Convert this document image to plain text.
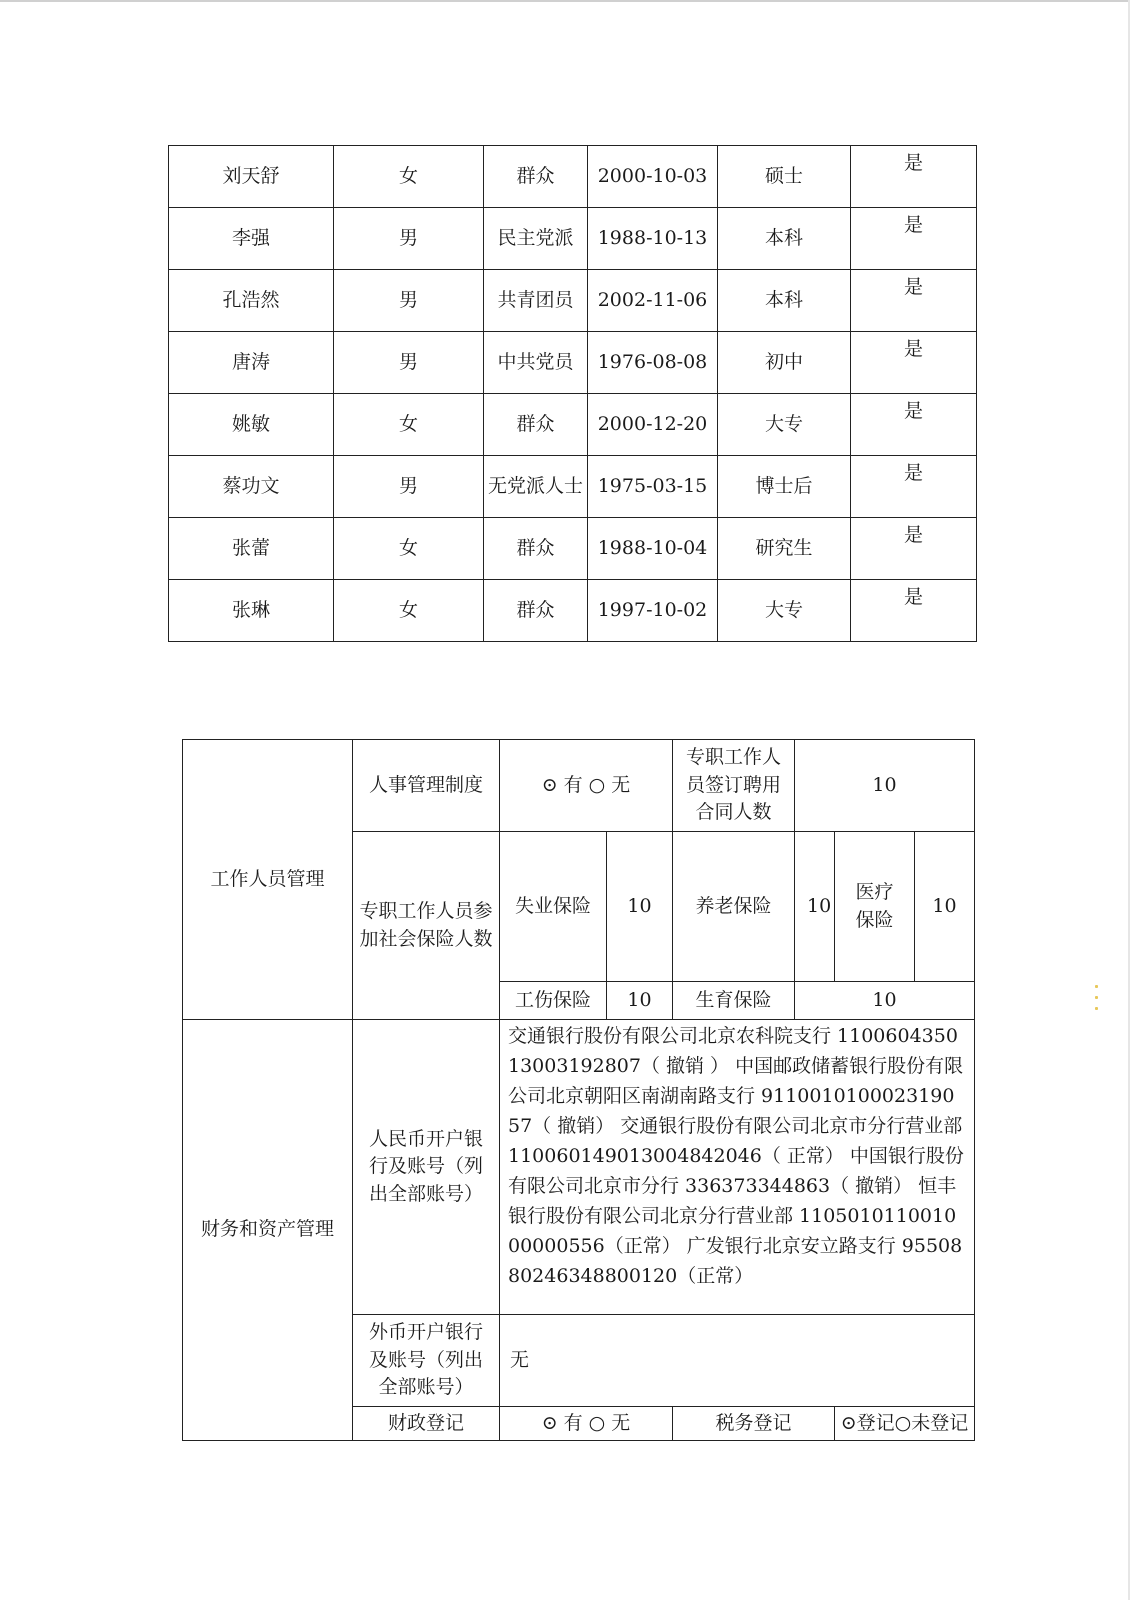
刘天舒	女	群众	2000-10-03	硕士	是
李强	男	民主党派	1988-10-13	本科	是
孔浩然	男	共青团员	2002-11-06	本科	是
唐涛	男	中共党员	1976-08-08	初中	是
姚敏	女	群众	2000-12-20	大专	是
蔡功文	男	无党派人士	1975-03-15	博士后	是
张蕾	女	群众	1988-10-04	研究生	是
张琳	女	群众	1997-10-02	大专	是
工作人员管理	人事管理制度	⊙ 有 ○ 无		专职工作人员签订聘用合同人数	10		
	专职工作人员参加社会保险人数	失业保险	10	养老保险	10	医疗保险	10
		工伤保险	10	生育保险	10		
财务和资产管理	人民币开户银行及账号（列出全部账号）	交通银行股份有限公司北京农科院支行 110060435013003192807（ 撤销 ） 中国邮政储蓄银行股份有限公司北京朝阳区南湖南路支行 911001010002319057（ 撤销） 交通银行股份有限公司北京市分行营业部 110060149013004842046（ 正常） 中国银行股份有限公司北京市分行 336373344863（ 撤销） 恒丰银行股份有限公司北京分行营业部 110501011001000000556（正常） 广发银行北京安立路支行 9550880246348800120（正常）					
	外币开户银行及账号（列出全部账号）	无					
	财政登记	⊙ 有 ○ 无		税务登记		⊙登记○未登记	
